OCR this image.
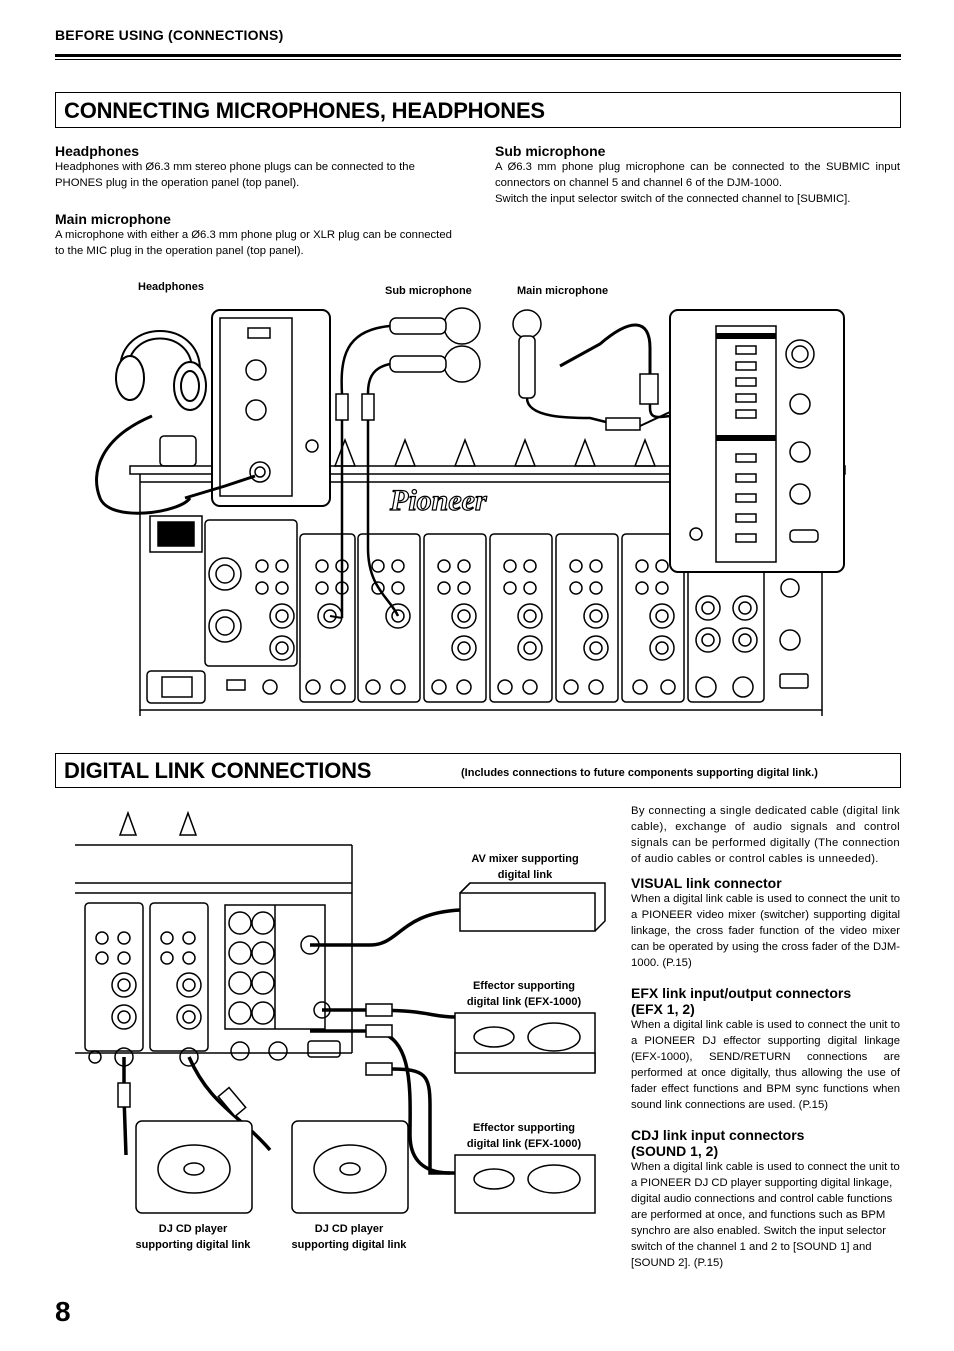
BEFORE USING (CONNECTIONS)
CONNECTING MICROPHONES, HEADPHONES
Headphones
Headphones with Ø6.3 mm stereo phone plugs can be connected to the PHONES plug in the operation panel (top panel).
Main microphone
A microphone with either a Ø6.3 mm phone plug or XLR plug can be connected to the MIC plug in the operation panel (top panel).
Sub microphone
A Ø6.3 mm phone plug microphone can be connected to the SUBMIC input connectors on channel 5 and channel 6 of the DJM-1000.
Switch the input selector switch of the connected channel to [SUBMIC].
Headphones	Sub microphone	Main microphone
Pioneer
DIGITAL LINK CONNECTIONS	(Includes connections to future components supporting digital link.)
By connecting a single dedicated cable (digital link cable), exchange of audio signals and control signals can be performed digitally (The connection of audio cables or control cables is unneeded).
VISUAL link connector
When a digital link cable is used to connect the unit to a PIONEER video mixer (switcher) supporting digital linkage, the cross fader function of the video mixer can be operated by using the cross fader of the DJM-1000. (P.15)
EFX link input/output connectors
(EFX 1, 2)
When a digital link cable is used to connect the unit to a PIONEER DJ effector supporting digital linkage (EFX-1000), SEND/RETURN connections are performed at once digitally, thus allowing the use of fader effect functions and BPM sync functions when sound link connections are used. (P.15)
CDJ link input connectors
(SOUND 1, 2)
When a digital link cable is used to connect the unit to a PIONEER DJ CD player supporting digital linkage, digital audio connections and control cable functions are performed at once, and functions such as BPM synchro are also enabled. Switch the input selector switch of the channel 1 and 2 to [SOUND 1] and [SOUND 2]. (P.15)
AV mixer supporting
digital link
Effector supporting
digital link (EFX-1000)
Effector supporting
digital link (EFX-1000)
DJ CD player
supporting digital link
DJ CD player
supporting digital link
8
